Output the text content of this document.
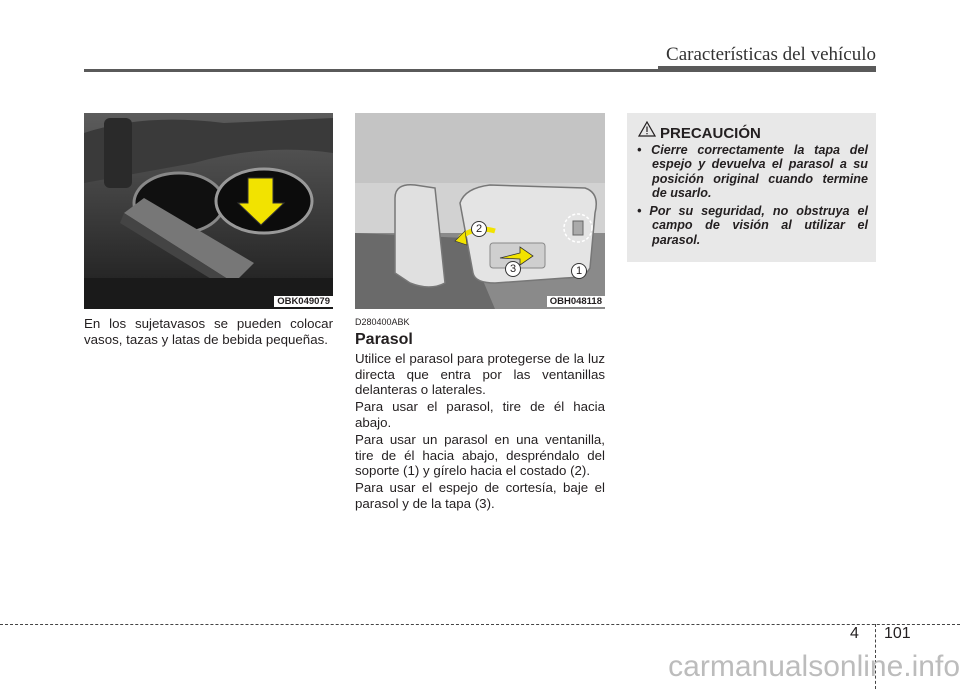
Características del vehículo
OBK049079
En los sujetavasos se pueden colocar vasos, tazas y latas de bebida pequeñas.
2
3	1
OBH048118
D280400ABK
Parasol
Utilice el parasol para protegerse de la luz directa que entra por las ventanillas delanteras o laterales.
Para usar el parasol, tire de él hacia abajo.
Para usar un parasol en una ventanilla, tire de él hacia abajo, despréndalo del soporte (1) y gírelo hacia el costado (2).
Para usar el espejo de cortesía, baje el parasol y de la tapa (3).
PRECAUCIÓN
• Cierre correctamente la tapa del espejo y devuelva el parasol a su posición original cuando termine de usarlo.
• Por su seguridad, no obstruya el campo de visión al utilizar el parasol.
4 101
carmanualsonline.info
